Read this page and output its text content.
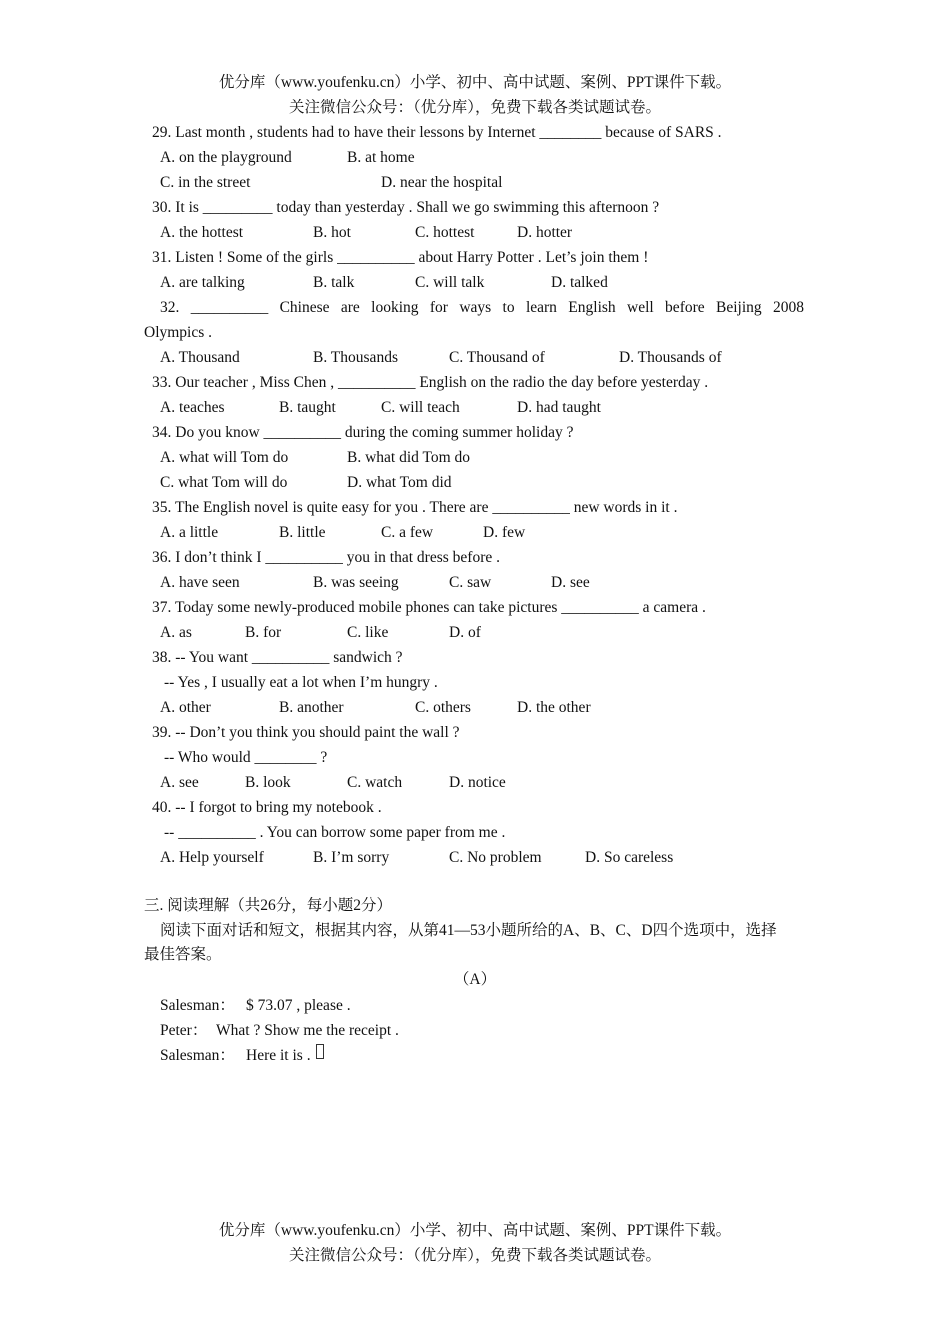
优分库（www.youfenku.cn）小学、初中、高中试题、案例、PPT课件下载。
关注微信公众号：（优分库），免费下载各类试题试卷。
29. Last month , students had to have their lessons by Internet ________ because of SARS .
A. on the playground	B. at home
C. in the street	D. near the hospital
30. It is _________ today than yesterday . Shall we go swimming this afternoon ?
A. the hottest	B. hot	C. hottest	D. hotter
31. Listen ! Some of the girls __________ about Harry Potter . Let’s join them !
A. are talking	B. talk	C. will talk	D. talked
32. __________ Chinese are looking for ways to learn English well before Beijing 2008
Olympics .
A. Thousand	B. Thousands	C. Thousand of	D. Thousands of
33. Our teacher , Miss Chen , __________ English on the radio the day before yesterday .
A. teaches	B. taught	C. will teach	D. had taught
34. Do you know __________ during the coming summer holiday ?
A. what will Tom do	B. what did Tom do
C. what Tom will do	D. what Tom did
35. The English novel is quite easy for you . There are __________ new words in it .
A. a little	B. little	C. a few	D. few
36. I don’t think I __________ you in that dress before .
A. have seen	B. was seeing	C. saw	D. see
37. Today some newly-produced mobile phones can take pictures __________ a camera .
A. as	B. for	C. like	D. of
38. -- You want __________ sandwich ?
-- Yes , I usually eat a lot when I’m hungry .
A. other	B. another	C. others	D. the other
39. -- Don’t you think you should paint the wall ?
-- Who would ________ ?
A. see	B. look	C. watch	D. notice
40. -- I forgot to bring my notebook .
-- __________ . You can borrow some paper from me .
A. Help yourself	B. I’m sorry	C. No problem	D. So careless
三. 阅读理解（共26分，每小题2分）
阅读下面对话和短文，根据其内容，从第41—53小题所给的A、B、C、D四个选项中，选择
最佳答案。
（A）
Salesman： $ 73.07 , please .
Peter： What ? Show me the receipt .
Salesman： Here it is .
优分库（www.youfenku.cn）小学、初中、高中试题、案例、PPT课件下载。
关注微信公众号：（优分库），免费下载各类试题试卷。
